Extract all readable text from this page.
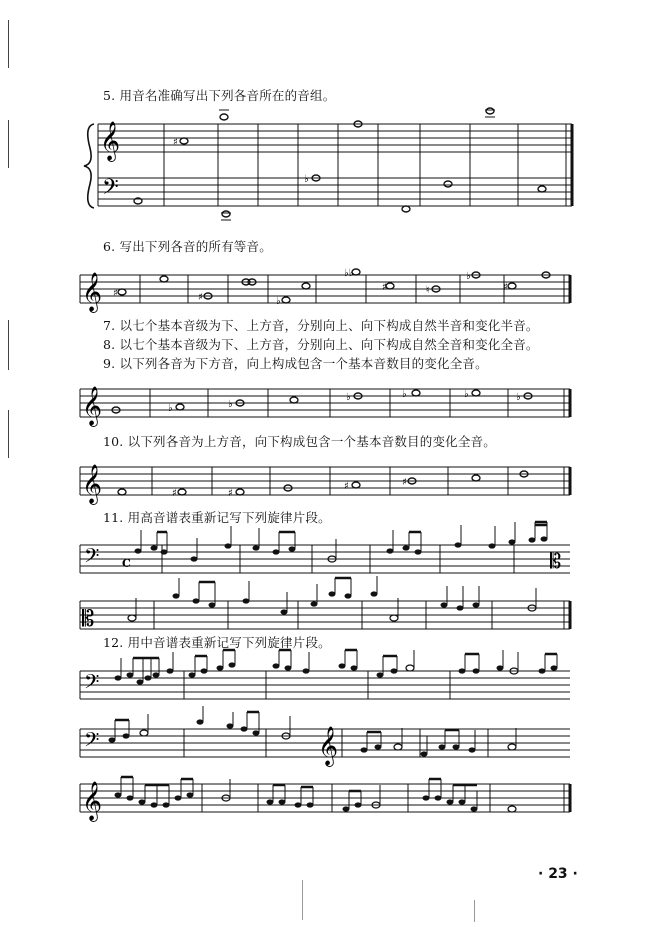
5. 用音名准确写出下列各音所在的音组。
𝄞
𝄢
♯
♭
6. 写出下列各音的所有等音。
𝄞 ♯	♯	♭
♭♭
♯	♮
♭
♯
7. 以七个基本音级为下、上方音，分别向上、向下构成自然半音和变化半音。
8. 以七个基本音级为下、上方音，分别向上、向下构成自然全音和变化全音。
9. 以下列各音为下方音，向上构成包含一个基本音数目的变化全音。
𝄞	♭	♭
♭	♭	♭	♭
10. 以下列各音为上方音，向下构成包含一个基本音数目的变化全音。
𝄞	♯	♯
♯	♯
11. 用高音谱表重新记写下列旋律片段。
𝄢 C	𝄡
𝄡
12. 用中音谱表重新记写下列旋律片段。
𝄢
𝄢	𝄞
𝄞
· 23 ·
